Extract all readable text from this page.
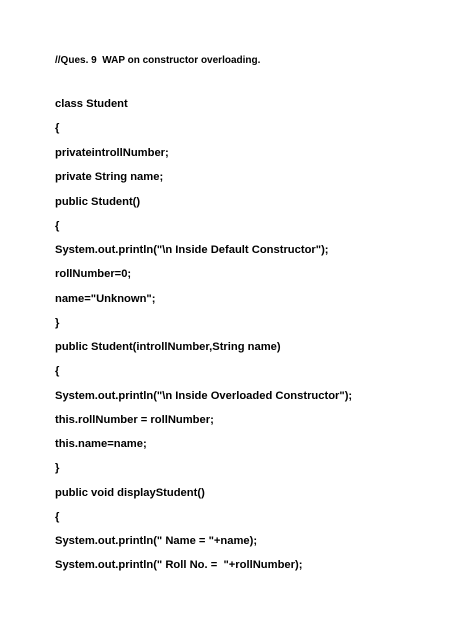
//Ques. 9  WAP on constructor overloading.
class Student
{
privateintrollNumber;
private String name;
public Student()
{
System.out.println("\n Inside Default Constructor");
rollNumber=0;
name="Unknown";
}
public Student(introllNumber,String name)
{
System.out.println("\n Inside Overloaded Constructor");
this.rollNumber = rollNumber;
this.name=name;
}
public void displayStudent()
{
System.out.println(" Name = "+name);
System.out.println(" Roll No. =  "+rollNumber);
